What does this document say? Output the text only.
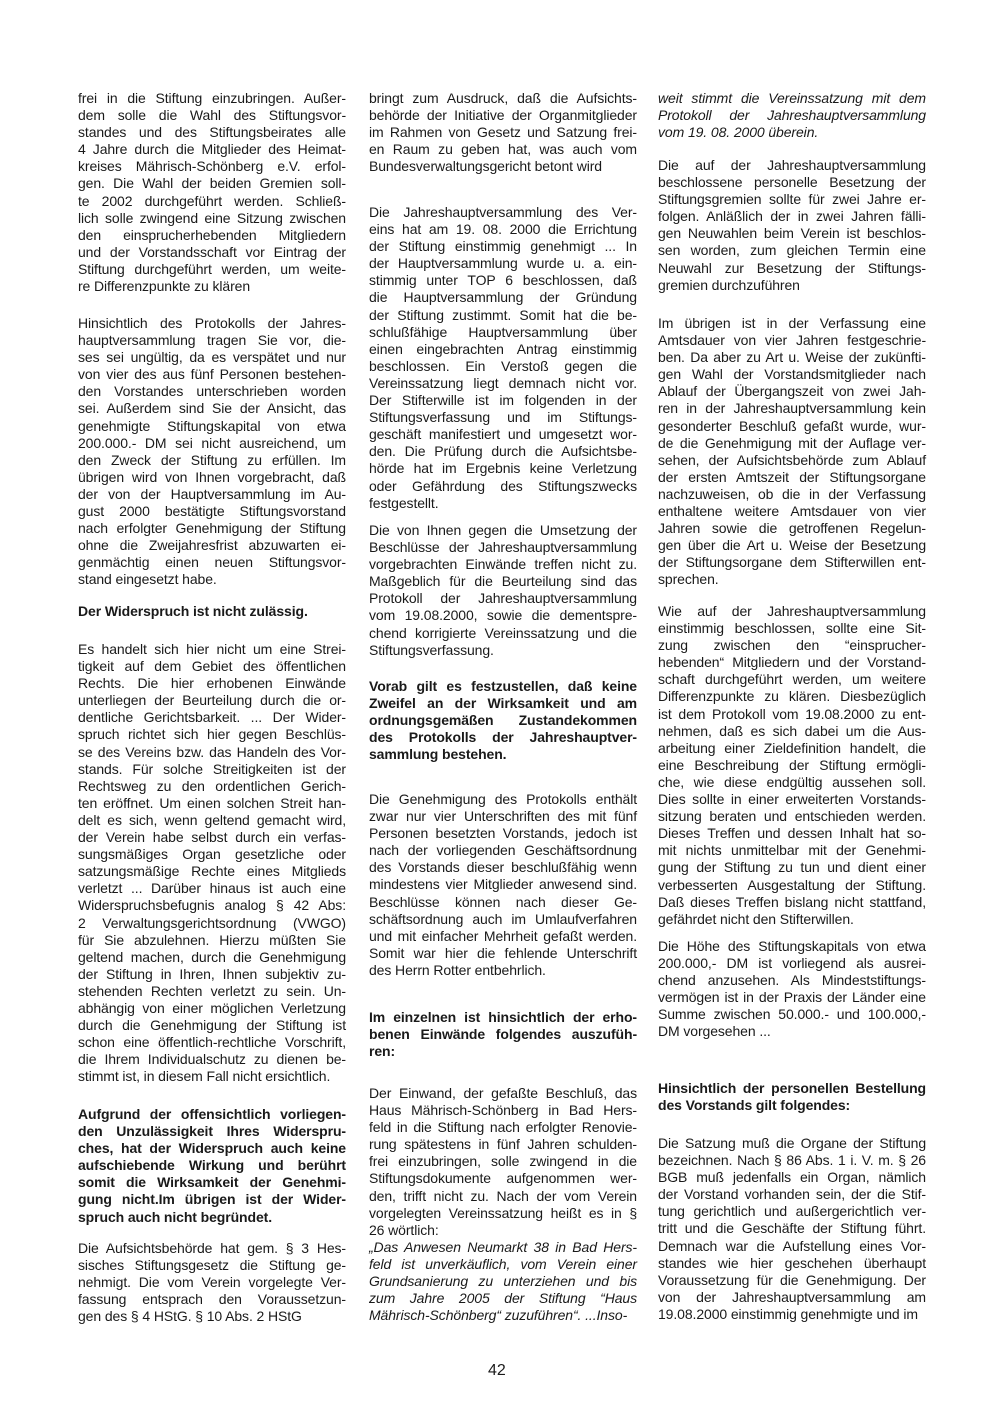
frei in die Stiftung einzubringen. Außer-
dem solle die Wahl des Stiftungsvor-
standes und des Stiftungsbeirates alle
4 Jahre durch die Mitglieder des Heimat-
kreises Mährisch-Schönberg e.V. erfol-
gen. Die Wahl der beiden Gremien soll-
te 2002 durchgeführt werden. Schließ-
lich solle zwingend eine Sitzung zwischen
den einsprucherhebenden Mitgliedern
und der Vorstandsschaft vor Eintrag der
Stiftung durchgeführt werden, um weite-
re Differenzpunkte zu klären
Hinsichtlich des Protokolls der Jahres-
hauptversammlung tragen Sie vor, die-
ses sei ungültig, da es verspätet und nur
von vier des aus fünf Personen bestehen-
den Vorstandes unterschrieben worden
sei. Außerdem sind Sie der Ansicht, das
genehmigte Stiftungskapital von etwa
200.000.- DM sei nicht ausreichend, um
den Zweck der Stiftung zu erfüllen. Im
übrigen wird von Ihnen vorgebracht, daß
der von der Hauptversammlung im Au-
gust 2000 bestätigte Stiftungsvorstand
nach erfolgter Genehmigung der Stiftung
ohne die Zweijahresfrist abzuwarten ei-
genmächtig einen neuen Stiftungsvor-
stand eingesetzt habe.
Der Widerspruch ist nicht zulässig.
Es handelt sich hier nicht um eine Strei-
tigkeit auf dem Gebiet des öffentlichen
Rechts. Die hier erhobenen Einwände
unterliegen der Beurteilung durch die or-
dentliche Gerichtsbarkeit. ... Der Wider-
spruch richtet sich hier gegen Beschlüs-
se des Vereins bzw. das Handeln des Vor-
stands. Für solche Streitigkeiten ist der
Rechtsweg zu den ordentlichen Gerich-
ten eröffnet. Um einen solchen Streit han-
delt es sich, wenn geltend gemacht wird,
der Verein habe selbst durch ein verfas-
sungsmäßiges Organ gesetzliche oder
satzungsmäßige Rechte eines Mitglieds
verletzt ... Darüber hinaus ist auch eine
Widerspruchsbefugnis analog § 42 Abs:
2 Verwaltungsgerichtsordnung (VWGO)
für Sie abzulehnen. Hierzu müßten Sie
geltend machen, durch die Genehmigung
der Stiftung in Ihren, Ihnen subjektiv zu-
stehenden Rechten verletzt zu sein. Un-
abhängig von einer möglichen Verletzung
durch die Genehmigung der Stiftung ist
schon eine öffentlich-rechtliche Vorschrift,
die Ihrem Individualschutz zu dienen be-
stimmt ist, in diesem Fall nicht ersichtlich.
Aufgrund der offensichtlich vorliegen-
den Unzulässigkeit Ihres Widerspru-
ches, hat der Widerspruch auch keine
aufschiebende Wirkung und berührt
somit die Wirksamkeit der Genehmi-
gung nicht.Im übrigen ist der Wider-
spruch auch nicht begründet.
Die Aufsichtsbehörde hat gem. § 3 Hes-
sisches Stiftungsgesetz die Stiftung ge-
nehmigt. Die vom Verein vorgelegte Ver-
fassung entsprach den Voraussetzun-
gen des § 4 HStG. § 10 Abs. 2 HStG
bringt zum Ausdruck, daß die Aufsichts-
behörde der Initiative der Organmitglieder
im Rahmen von Gesetz und Satzung frei-
en Raum zu geben hat, was auch vom
Bundesverwaltungsgericht betont wird
Die Jahreshauptversammlung des Ver-
eins hat am 19. 08. 2000 die Errichtung
der Stiftung einstimmig genehmigt ... In
der Hauptversammlung wurde u. a. ein-
stimmig unter TOP 6 beschlossen, daß
die Hauptversammlung der Gründung
der Stiftung zustimmt. Somit hat die be-
schlußfähige Hauptversammlung über
einen eingebrachten Antrag einstimmig
beschlossen. Ein Verstoß gegen die
Vereinssatzung liegt demnach nicht vor.
Der Stifterwille ist im folgenden in der
Stiftungsverfassung und im Stiftungs-
geschäft manifestiert und umgesetzt wor-
den. Die Prüfung durch die Aufsichtsbe-
hörde hat im Ergebnis keine Verletzung
oder Gefährdung des Stiftungszwecks
festgestellt.
Die von Ihnen gegen die Umsetzung der
Beschlüsse der Jahreshauptversammlung
vorgebrachten Einwände treffen nicht zu.
Maßgeblich für die Beurteilung sind das
Protokoll der Jahreshauptversammlung
vom 19.08.2000, sowie die dementspre-
chend korrigierte Vereinssatzung und die
Stiftungsverfassung.
Vorab gilt es festzustellen, daß keine
Zweifel an der Wirksamkeit und am
ordnungsgemäßen Zustandekommen
des Protokolls der Jahreshauptver-
sammlung bestehen.
Die Genehmigung des Protokolls enthält
zwar nur vier Unterschriften des mit fünf
Personen besetzten Vorstands, jedoch ist
nach der vorliegenden Geschäftsordnung
des Vorstands dieser beschlußfähig wenn
mindestens vier Mitglieder anwesend sind.
Beschlüsse können nach dieser Ge-
schäftsordnung auch im Umlaufverfahren
und mit einfacher Mehrheit gefaßt werden.
Somit war hier die fehlende Unterschrift
des Herrn Rotter entbehrlich.
Im einzelnen ist hinsichtlich der erho-
benen Einwände folgendes auszufüh-
ren:
Der Einwand, der gefaßte Beschluß, das
Haus Mährisch-Schönberg in Bad Hers-
feld in die Stiftung nach erfolgter Renovie-
rung spätestens in fünf Jahren schulden-
frei einzubringen, solle zwingend in die
Stiftungsdokumente aufgenommen wer-
den, trifft nicht zu. Nach der vom Verein
vorgelegten Vereinssatzung heißt es in §
26 wörtlich:
„Das Anwesen Neumarkt 38 in Bad Hers-
feld ist unverkäuflich, vom Verein einer
Grundsanierung zu unterziehen und bis
zum Jahre 2005 der Stiftung “Haus
Mährisch-Schönberg“ zuzuführen“. ...Inso-
weit stimmt die Vereinssatzung mit dem
Protokoll der Jahreshauptversammlung
vom 19. 08. 2000 überein.
Die auf der Jahreshauptversammlung
beschlossene personelle Besetzung der
Stiftungsgremien sollte für zwei Jahre er-
folgen. Anläßlich der in zwei Jahren fälli-
gen Neuwahlen beim Verein ist beschlos-
sen worden, zum gleichen Termin eine
Neuwahl zur Besetzung der Stiftungs-
gremien durchzuführen
Im übrigen ist in der Verfassung eine
Amtsdauer von vier Jahren festgeschrie-
ben. Da aber zu Art u. Weise der zukünfti-
gen Wahl der Vorstandsmitglieder nach
Ablauf der Übergangszeit von zwei Jah-
ren in der Jahreshauptversammlung kein
gesonderter Beschluß gefaßt wurde, wur-
de die Genehmigung mit der Auflage ver-
sehen, der Aufsichtsbehörde zum Ablauf
der ersten Amtszeit der Stiftungsorgane
nachzuweisen, ob die in der Verfassung
enthaltene weitere Amtsdauer von vier
Jahren sowie die getroffenen Regelun-
gen über die Art u. Weise der Besetzung
der Stiftungsorgane dem Stifterwillen ent-
sprechen.
Wie auf der Jahreshauptversammlung
einstimmig beschlossen, sollte eine Sit-
zung zwischen den “einsprucher-
hebenden“ Mitgliedern und der Vorstand-
schaft durchgeführt werden, um weitere
Differenzpunkte zu klären. Diesbezüglich
ist dem Protokoll vom 19.08.2000 zu ent-
nehmen, daß es sich dabei um die Aus-
arbeitung einer Zieldefinition handelt, die
eine Beschreibung der Stiftung ermögli-
che, wie diese endgültig aussehen soll.
Dies sollte in einer erweiterten Vorstands-
sitzung beraten und entschieden werden.
Dieses Treffen und dessen Inhalt hat so-
mit nichts unmittelbar mit der Genehmi-
gung der Stiftung zu tun und dient einer
verbesserten Ausgestaltung der Stiftung.
Daß dieses Treffen bislang nicht stattfand,
gefährdet nicht den Stifterwillen.
Die Höhe des Stiftungskapitals von etwa
200.000,- DM ist vorliegend als ausrei-
chend anzusehen. Als Mindeststiftungs-
vermögen ist in der Praxis der Länder eine
Summe zwischen 50.000.- und 100.000,-
DM vorgesehen ...
Hinsichtlich der personellen Bestellung
des Vorstands gilt folgendes:
Die Satzung muß die Organe der Stiftung
bezeichnen. Nach § 86 Abs. 1 i. V. m. § 26
BGB muß jedenfalls ein Organ, nämlich
der Vorstand vorhanden sein, der die Stif-
tung gerichtlich und außergerichtlich ver-
tritt und die Geschäfte der Stiftung führt.
Demnach war die Aufstellung eines Vor-
standes wie hier geschehen überhaupt
Voraussetzung für die Genehmigung. Der
von der Jahreshauptversammlung am
19.08.2000 einstimmig genehmigte und im
42
